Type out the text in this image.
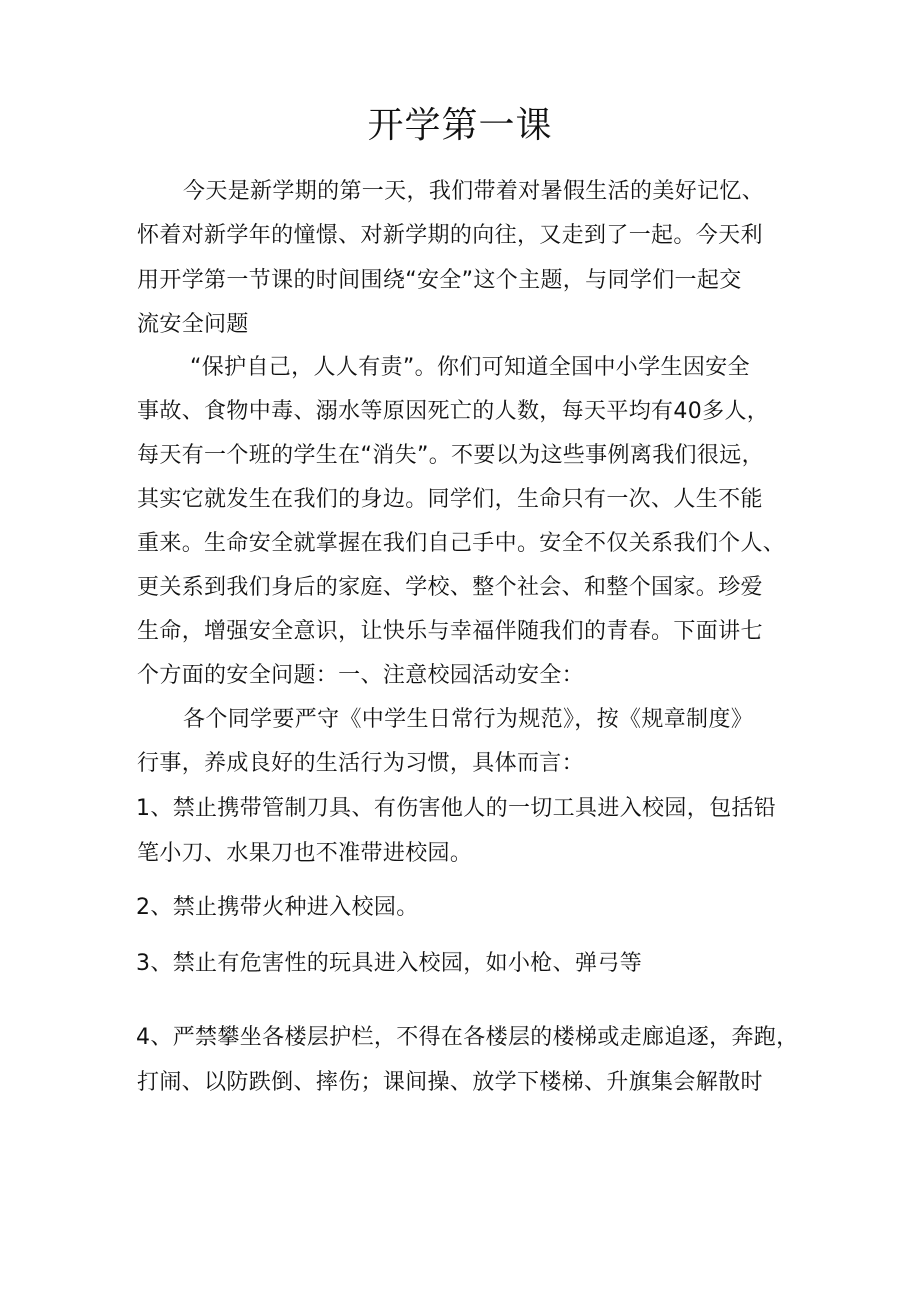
开学第一课
今天是新学期的第一天，我们带着对暑假生活的美好记忆、
怀着对新学年的憧憬、对新学期的向往，又走到了一起。今天利
用开学第一节课的时间围绕“安全”这个主题，与同学们一起交
流安全问题
“保护自己，人人有责”。你们可知道全国中小学生因安全
事故、食物中毒、溺水等原因死亡的人数，每天平均有40多人，
每天有一个班的学生在“消失”。不要以为这些事例离我们很远，
其实它就发生在我们的身边。同学们，生命只有一次、人生不能
重来。生命安全就掌握在我们自己手中。安全不仅关系我们个人、
更关系到我们身后的家庭、学校、整个社会、和整个国家。珍爱
生命，增强安全意识，让快乐与幸福伴随我们的青春。下面讲七
个方面的安全问题：一、注意校园活动安全：
各个同学要严守《中学生日常行为规范》，按《规章制度》
行事，养成良好的生活行为习惯，具体而言：
1、禁止携带管制刀具、有伤害他人的一切工具进入校园，包括铅
笔小刀、水果刀也不准带进校园。
2、禁止携带火种进入校园。
3、禁止有危害性的玩具进入校园，如小枪、弹弓等
4、严禁攀坐各楼层护栏，不得在各楼层的楼梯或走廊追逐，奔跑，
打闹、以防跌倒、摔伤；课间操、放学下楼梯、升旗集会解散时
